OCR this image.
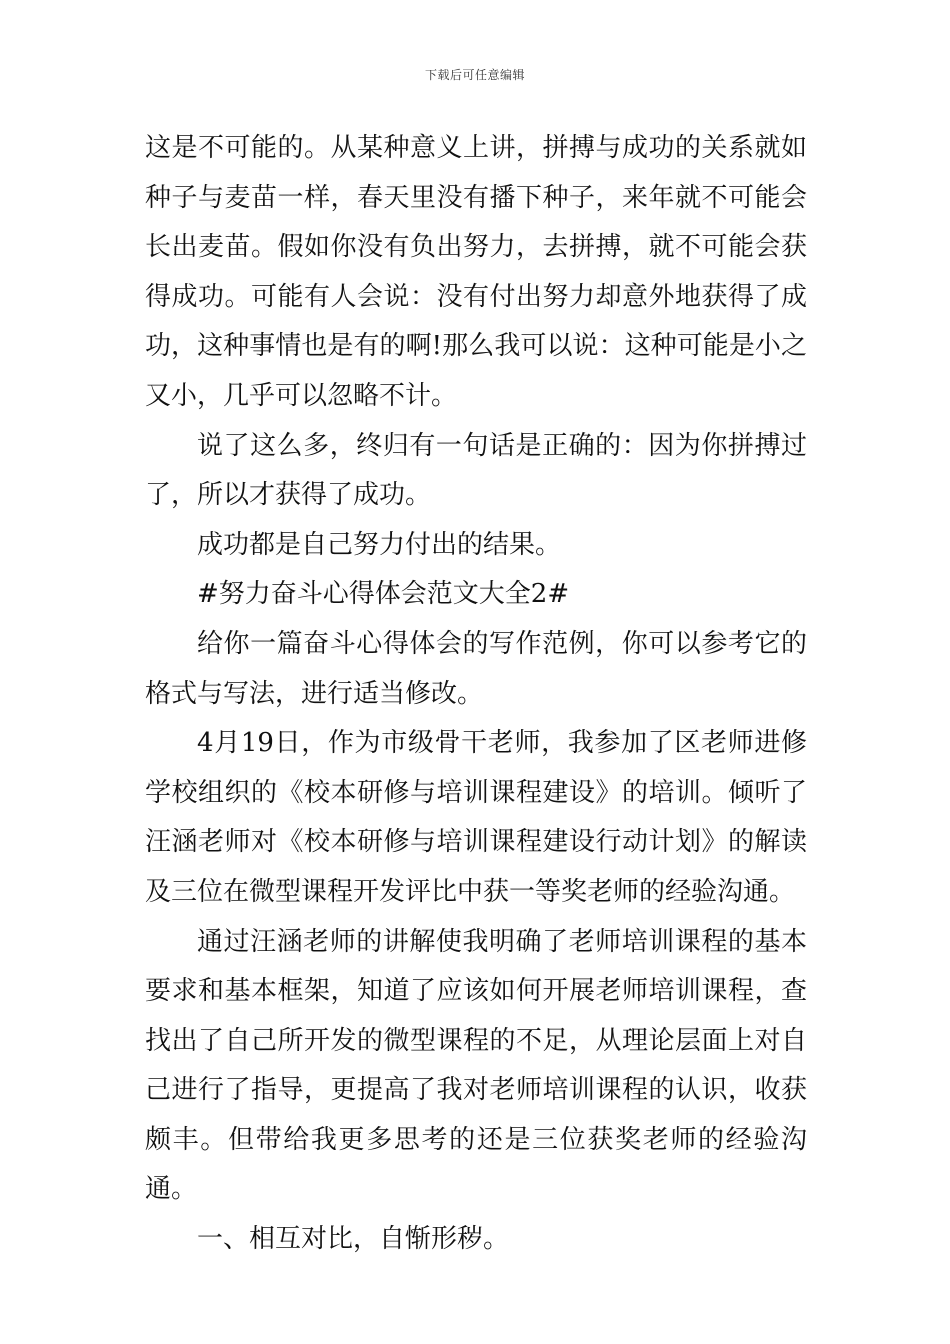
下载后可任意编辑

这是不可能的。从某种意义上讲，拼搏与成功的关系就如种子与麦苗一样，春天里没有播下种子，来年就不可能会长出麦苗。假如你没有负出努力，去拼搏，就不可能会获得成功。可能有人会说：没有付出努力却意外地获得了成功，这种事情也是有的啊!那么我可以说：这种可能是小之又小，几乎可以忽略不计。

说了这么多，终归有一句话是正确的：因为你拼搏过了，所以才获得了成功。

成功都是自己努力付出的结果。

#努力奋斗心得体会范文大全2#

给你一篇奋斗心得体会的写作范例，你可以参考它的格式与写法，进行适当修改。

4月19日，作为市级骨干老师，我参加了区老师进修学校组织的《校本研修与培训课程建设》的培训。倾听了汪涵老师对《校本研修与培训课程建设行动计划》的解读及三位在微型课程开发评比中获一等奖老师的经验沟通。

通过汪涵老师的讲解使我明确了老师培训课程的基本要求和基本框架，知道了应该如何开展老师培训课程，查找出了自己所开发的微型课程的不足，从理论层面上对自己进行了指导，更提高了我对老师培训课程的认识，收获颇丰。但带给我更多思考的还是三位获奖老师的经验沟通。

一、相互对比，自惭形秽。
